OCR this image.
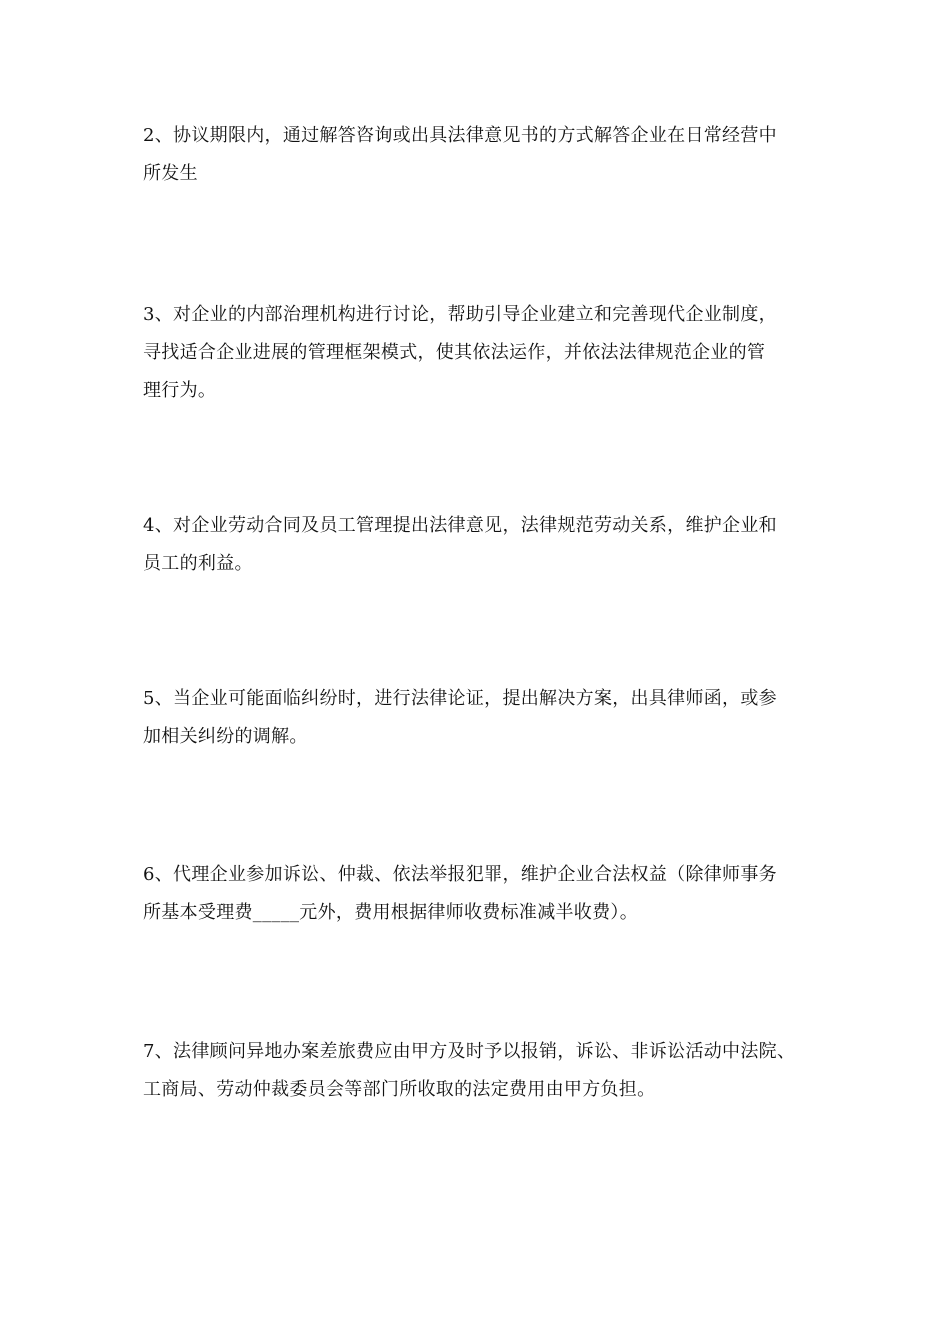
2、协议期限内，通过解答咨询或出具法律意见书的方式解答企业在日常经营中
所发生

3、对企业的内部治理机构进行讨论，帮助引导企业建立和完善现代企业制度，
寻找适合企业进展的管理框架模式，使其依法运作，并依法法律规范企业的管
理行为。

4、对企业劳动合同及员工管理提出法律意见，法律规范劳动关系，维护企业和
员工的利益。

5、当企业可能面临纠纷时，进行法律论证，提出解决方案，出具律师函，或参
加相关纠纷的调解。

6、代理企业参加诉讼、仲裁、依法举报犯罪，维护企业合法权益（除律师事务
所基本受理费_____元外，费用根据律师收费标准减半收费）。

7、法律顾问异地办案差旅费应由甲方及时予以报销，诉讼、非诉讼活动中法院、
工商局、劳动仲裁委员会等部门所收取的法定费用由甲方负担。
